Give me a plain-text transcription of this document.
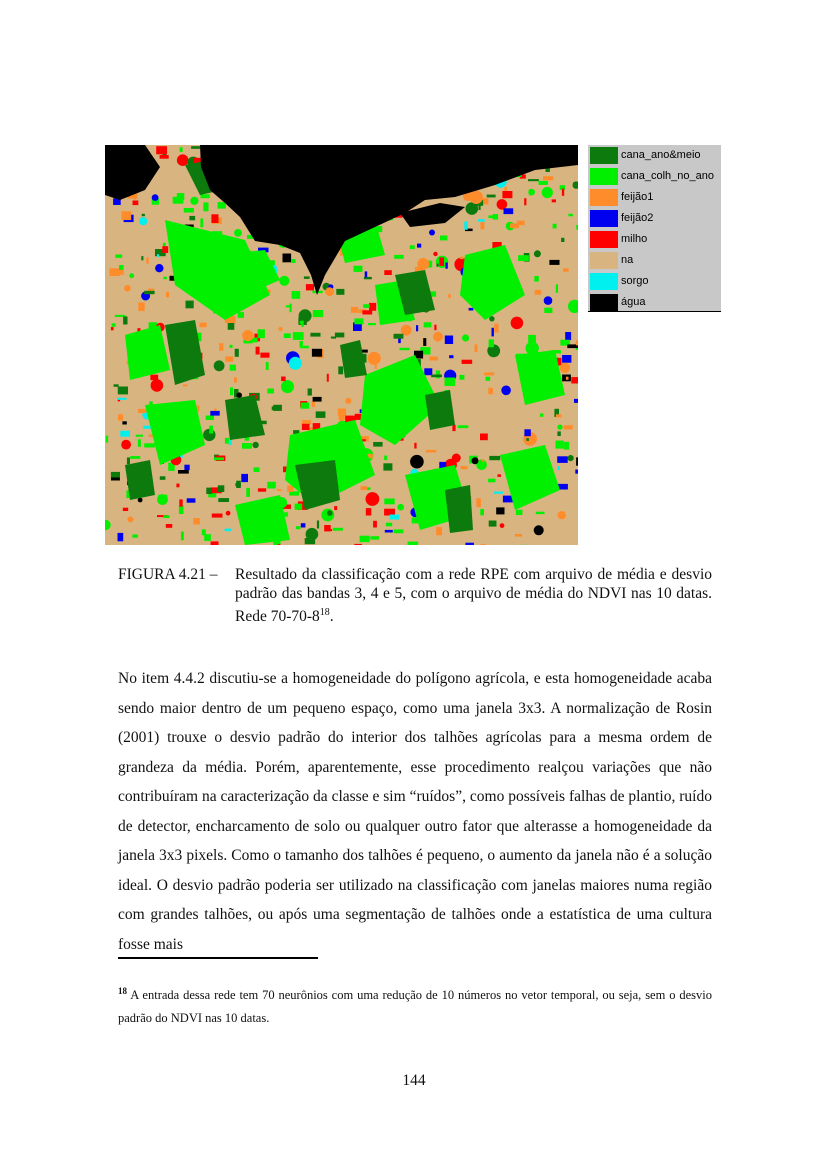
cana_ano&meio
cana_colh_no_ano
feijão1
feijão2
milho
na
sorgo
água
FIGURA 4.21 – Resultado da classificação com a rede RPE com arquivo de média e desvio padrão das bandas 3, 4 e 5, com o arquivo de média do NDVI nas 10 datas. Rede $70-70-8^{18}$.

No item 4.4.2 discutiu-se a homogeneidade do polígono agrícola, e esta homogeneidade acaba sendo maior dentro de um pequeno espaço, como uma janela 3x3. A normalização de Rosin (2001) trouxe o desvio padrão do interior dos talhões agrícolas para a mesma ordem de grandeza da média. Porém, aparentemente, esse procedimento realçou variações que não contribuíram na caracterização da classe e sim “ruídos”, como possíveis falhas de plantio, ruído de detector, encharcamento de solo ou qualquer outro fator que alterasse a homogeneidade da janela 3x3 pixels. Como o tamanho dos talhões é pequeno, o aumento da janela não é a solução ideal. O desvio padrão poderia ser utilizado na classificação com janelas maiores numa região com grandes talhões, ou após uma segmentação de talhões onde a estatística de uma cultura fosse mais

$^{18}$ A entrada dessa rede tem 70 neurônios com uma redução de 10 números no vetor temporal, ou seja, sem o desvio padrão do NDVI nas 10 datas.
144
